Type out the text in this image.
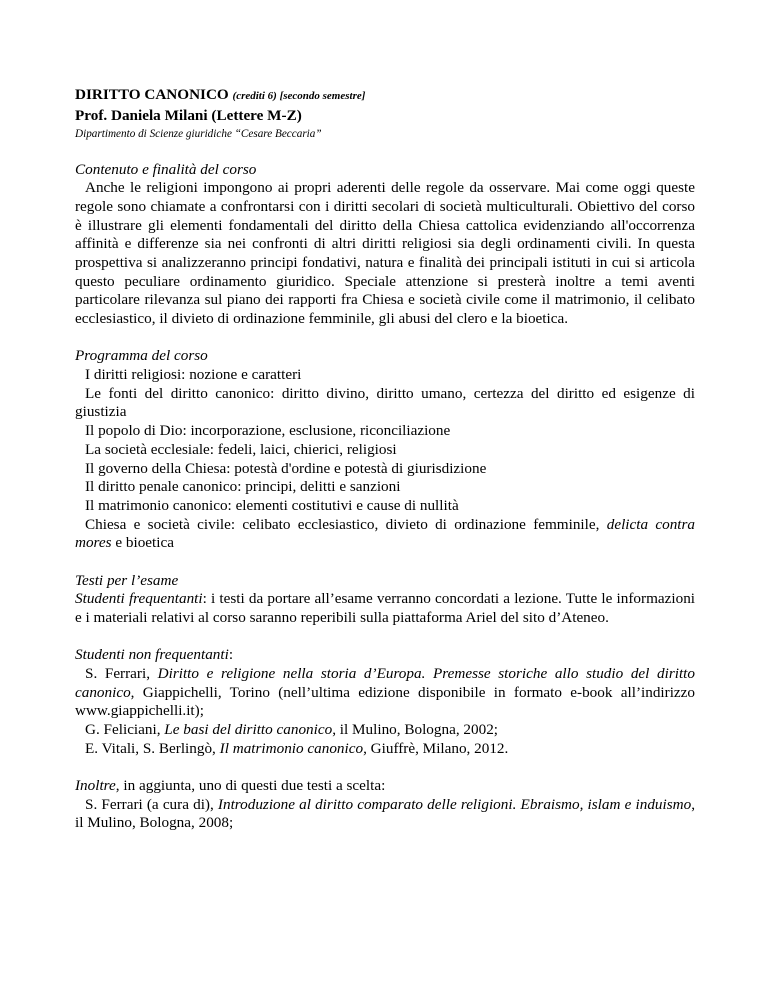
DIRITTO CANONICO (crediti 6) [secondo semestre]
Prof. Daniela Milani (Lettere M-Z)
Dipartimento di Scienze giuridiche “Cesare Beccaria”
Contenuto e finalità del corso
Anche le religioni impongono ai propri aderenti delle regole da osservare. Mai come oggi queste regole sono chiamate a confrontarsi con i diritti secolari di società multiculturali. Obiettivo del corso è illustrare gli elementi fondamentali del diritto della Chiesa cattolica evidenziando all'occorrenza affinità e differenze sia nei confronti di altri diritti religiosi sia degli ordinamenti civili. In questa prospettiva si analizzeranno principi fondativi, natura e finalità dei principali istituti in cui si articola questo peculiare ordinamento giuridico. Speciale attenzione si presterà inoltre a temi aventi particolare rilevanza sul piano dei rapporti fra Chiesa e società civile come il matrimonio, il celibato ecclesiastico, il divieto di ordinazione femminile, gli abusi del clero e la bioetica.
Programma del corso
I diritti religiosi: nozione e caratteri
Le fonti del diritto canonico: diritto divino, diritto umano, certezza del diritto ed esigenze di giustizia
Il popolo di Dio: incorporazione, esclusione, riconciliazione
La società ecclesiale: fedeli, laici, chierici, religiosi
Il governo della Chiesa: potestà d'ordine e potestà di giurisdizione
Il diritto penale canonico: principi, delitti e sanzioni
Il matrimonio canonico: elementi costitutivi e cause di nullità
Chiesa e società civile: celibato ecclesiastico, divieto di ordinazione femminile, delicta contra mores e bioetica
Testi per l’esame
Studenti frequentanti: i testi da portare all’esame verranno concordati a lezione. Tutte le informazioni e i materiali relativi al corso saranno reperibili sulla piattaforma Ariel del sito d’Ateneo.
Studenti non frequentanti:
S. Ferrari, Diritto e religione nella storia d’Europa. Premesse storiche allo studio del diritto canonico, Giappichelli, Torino (nell’ultima edizione disponibile in formato e-book all’indirizzo www.giappichelli.it);
G. Feliciani, Le basi del diritto canonico, il Mulino, Bologna, 2002;
E. Vitali, S. Berlingò, Il matrimonio canonico, Giuffrè, Milano, 2012.
Inoltre, in aggiunta, uno di questi due testi a scelta:
S. Ferrari (a cura di), Introduzione al diritto comparato delle religioni. Ebraismo, islam e induismo, il Mulino, Bologna, 2008;
